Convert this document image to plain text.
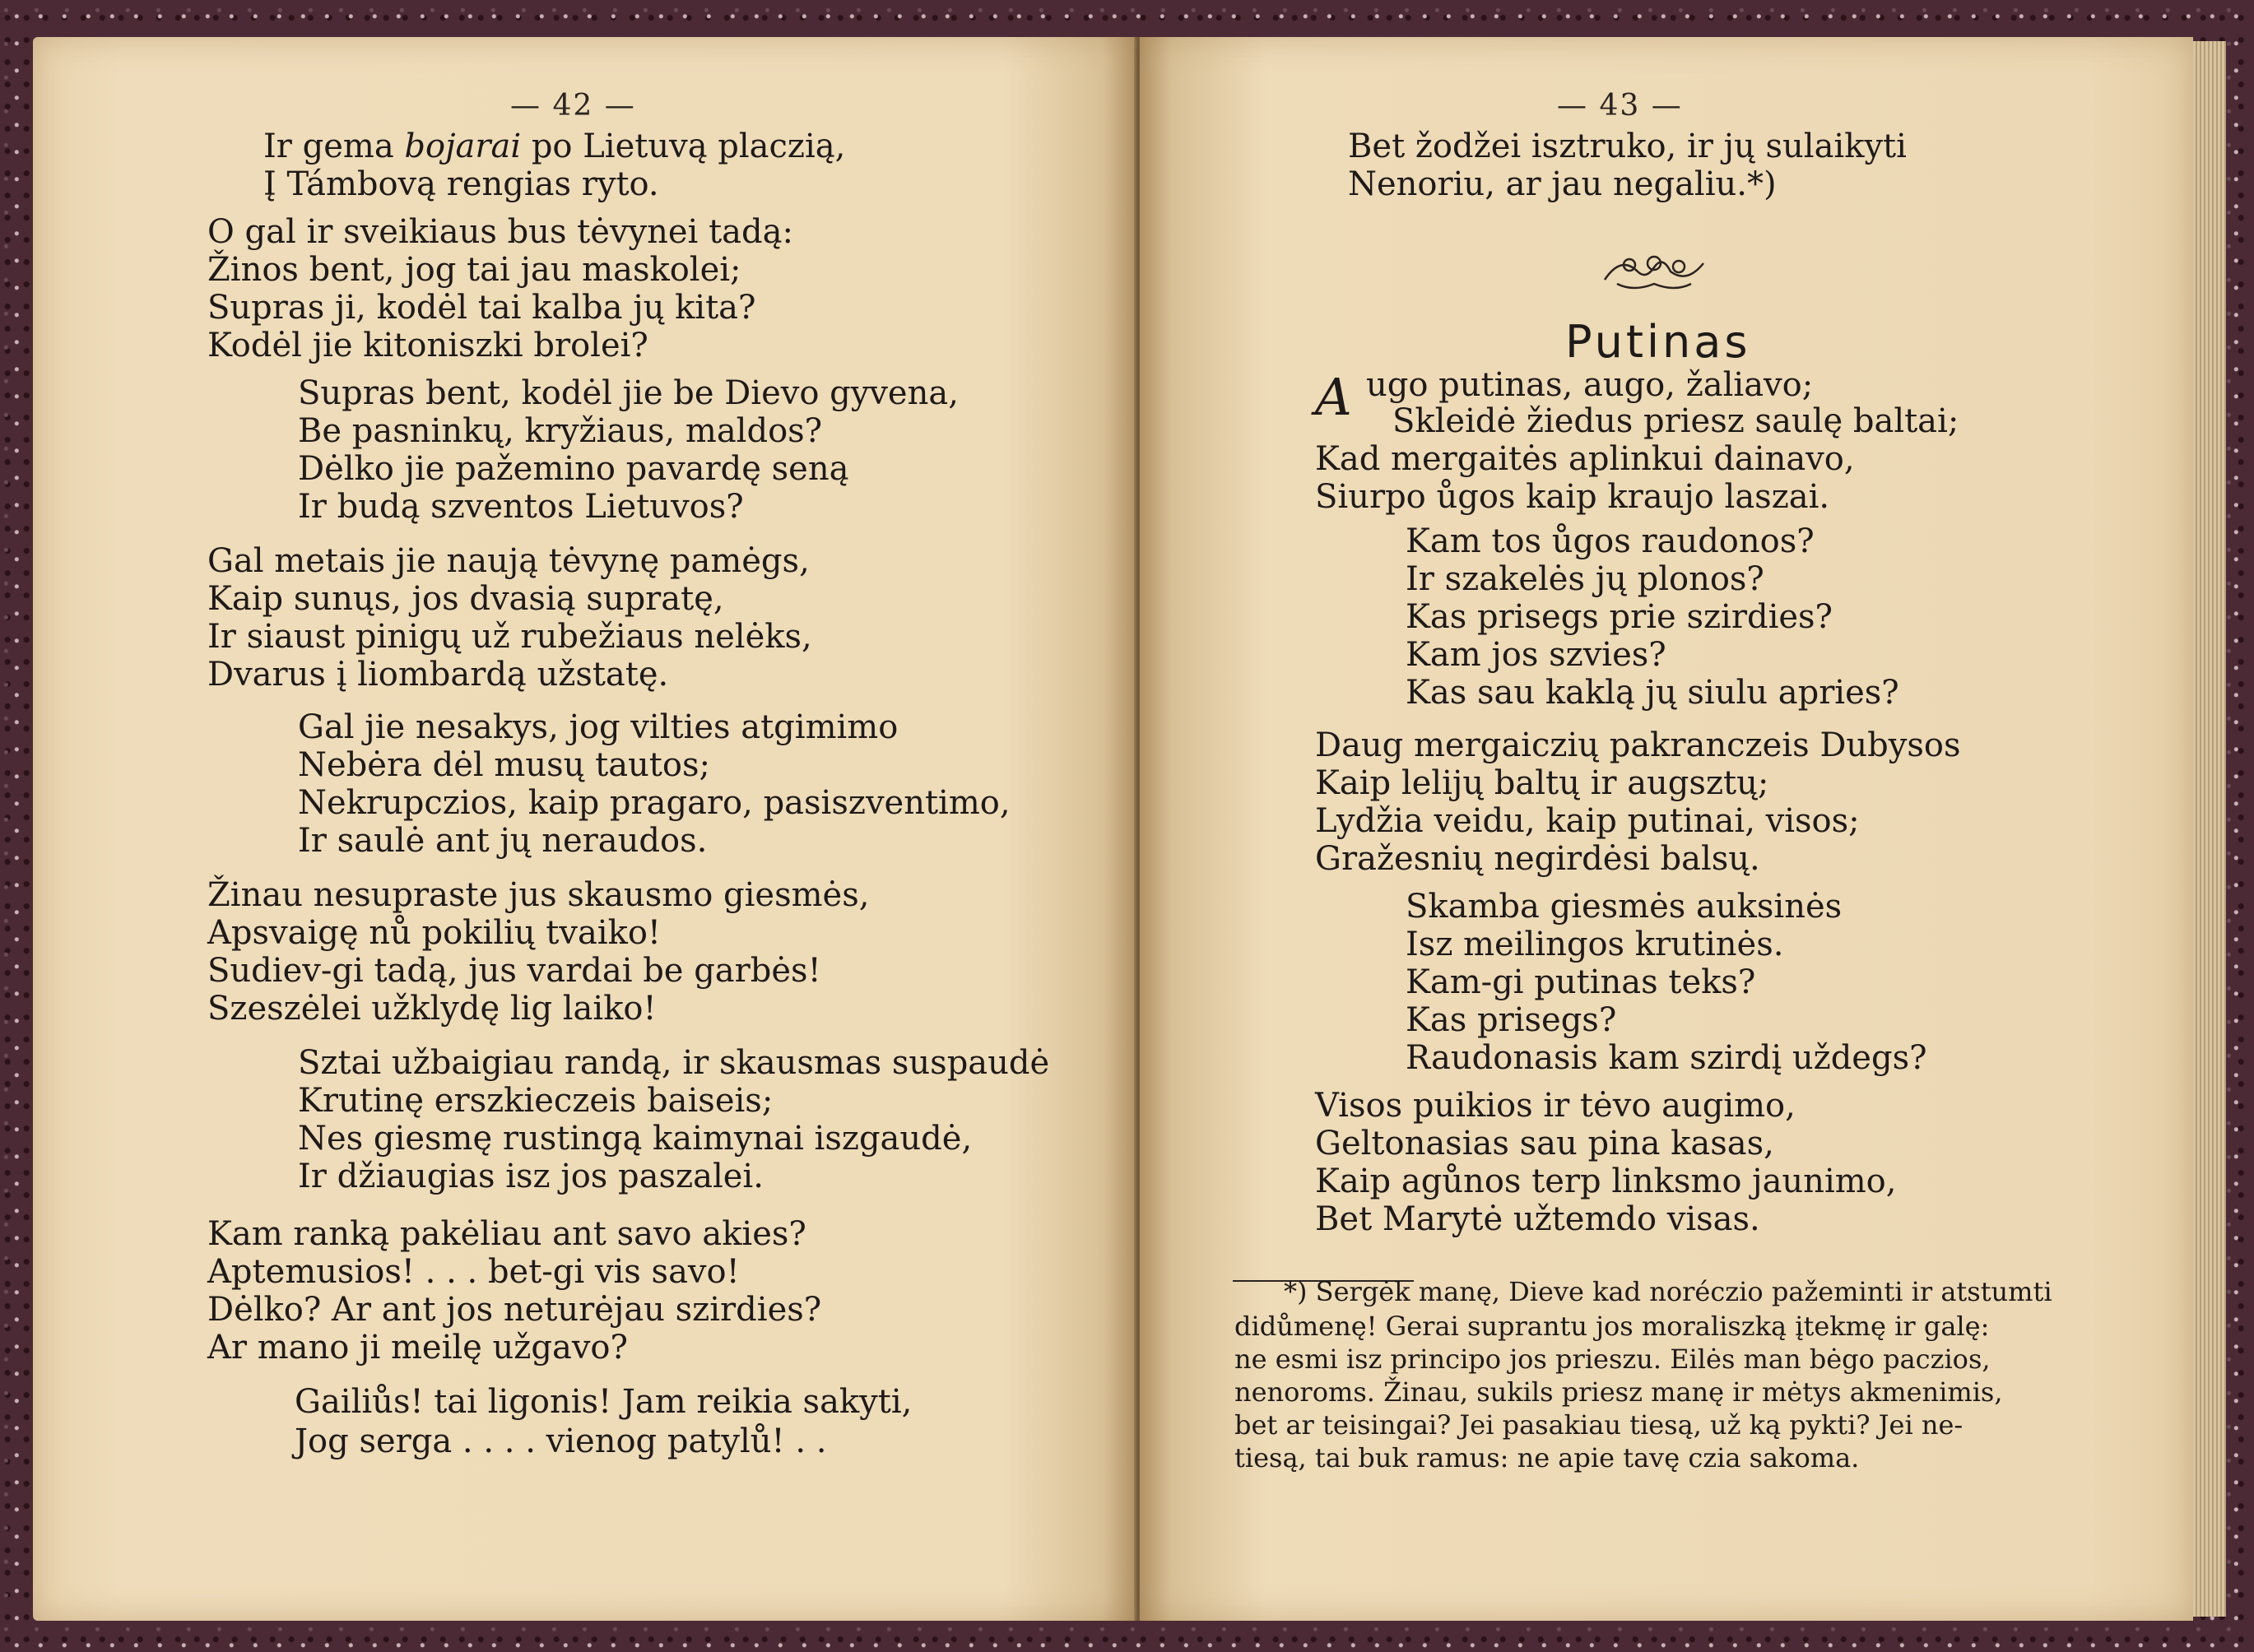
— 42 —	— 43 —
Ir gema bojarai po Lietuvą placzią,
Į Támbovą rengias ryto.
O gal ir sveikiaus bus tėvynei tadą:
Žinos bent, jog tai jau maskolei;
Supras ji, kodėl tai kalba jų kita?
Kodėl jie kitoniszki brolei?
Supras bent, kodėl jie be Dievo gyvena,
Be pasninkų, kryžiaus, maldos?
Dėlko jie pažemino pavardę seną
Ir budą szventos Lietuvos?
Gal metais jie naują tėvynę pamėgs,
Kaip sunųs, jos dvasią supratę,
Ir siaust pinigų už rubežiaus nelėks,
Dvarus į liombardą užstatę.
Gal jie nesakys, jog vilties atgimimo
Nebėra dėl musų tautos;
Nekrupczios, kaip pragaro, pasiszventimo,
Ir saulė ant jų neraudos.
Žinau nesupraste jus skausmo giesmės,
Apsvaigę nů pokilių tvaiko!
Sudiev-gi tadą, jus vardai be garbės!
Szeszėlei užklydę lig laiko!
Sztai užbaigiau randą, ir skausmas suspaudė
Krutinę erszkieczeis baiseis;
Nes giesmę rustingą kaimynai iszgaudė,
Ir džiaugias isz jos paszalei.
Kam ranką pakėliau ant savo akies?
Aptemusios! . . . bet-gi vis savo!
Dėlko? Ar ant jos neturėjau szirdies?
Ar mano ji meilę užgavo?
Gailiůs! tai ligonis! Jam reikia sakyti,
Jog serga . . . . vienog patylů! . .
Bet žodžei isztruko, ir jų sulaikyti
Nenoriu, ar jau negaliu.*)
ugo putinas, augo, žaliavo;
Skleidė žiedus priesz saulę baltai;
Kad mergaitės aplinkui dainavo,
Siurpo ůgos kaip kraujo laszai.
Kam tos ůgos raudonos?
Ir szakelės jų plonos?
Kas prisegs prie szirdies?
Kam jos szvies?
Kas sau kaklą jų siulu apries?
Daug mergaiczių pakranczeis Dubysos
Kaip lelijų baltų ir augsztų;
Lydžia veidu, kaip putinai, visos;
Gražesnių negirdėsi balsų.
Skamba giesmės auksinės
Isz meilingos krutinės.
Kam-gi putinas teks?
Kas prisegs?
Raudonasis kam szirdį uždegs?
Visos puikios ir tėvo augimo,
Geltonasias sau pina kasas,
Kaip agůnos terp linksmo jaunimo,
Bet Marytė užtemdo visas.
Putinas
A
*) Sergėk manę, Dieve kad noréczio pažeminti ir atstumti
didůmenę! Gerai suprantu jos moraliszką įtekmę ir galę:
ne esmi isz principo jos prieszu. Eilės man bėgo paczios,
nenoroms. Žinau, sukils priesz manę ir mėtys akmenimis,
bet ar teisingai? Jei pasakiau tiesą, už ką pykti? Jei ne-
tiesą, tai buk ramus: ne apie tavę czia sakoma.
